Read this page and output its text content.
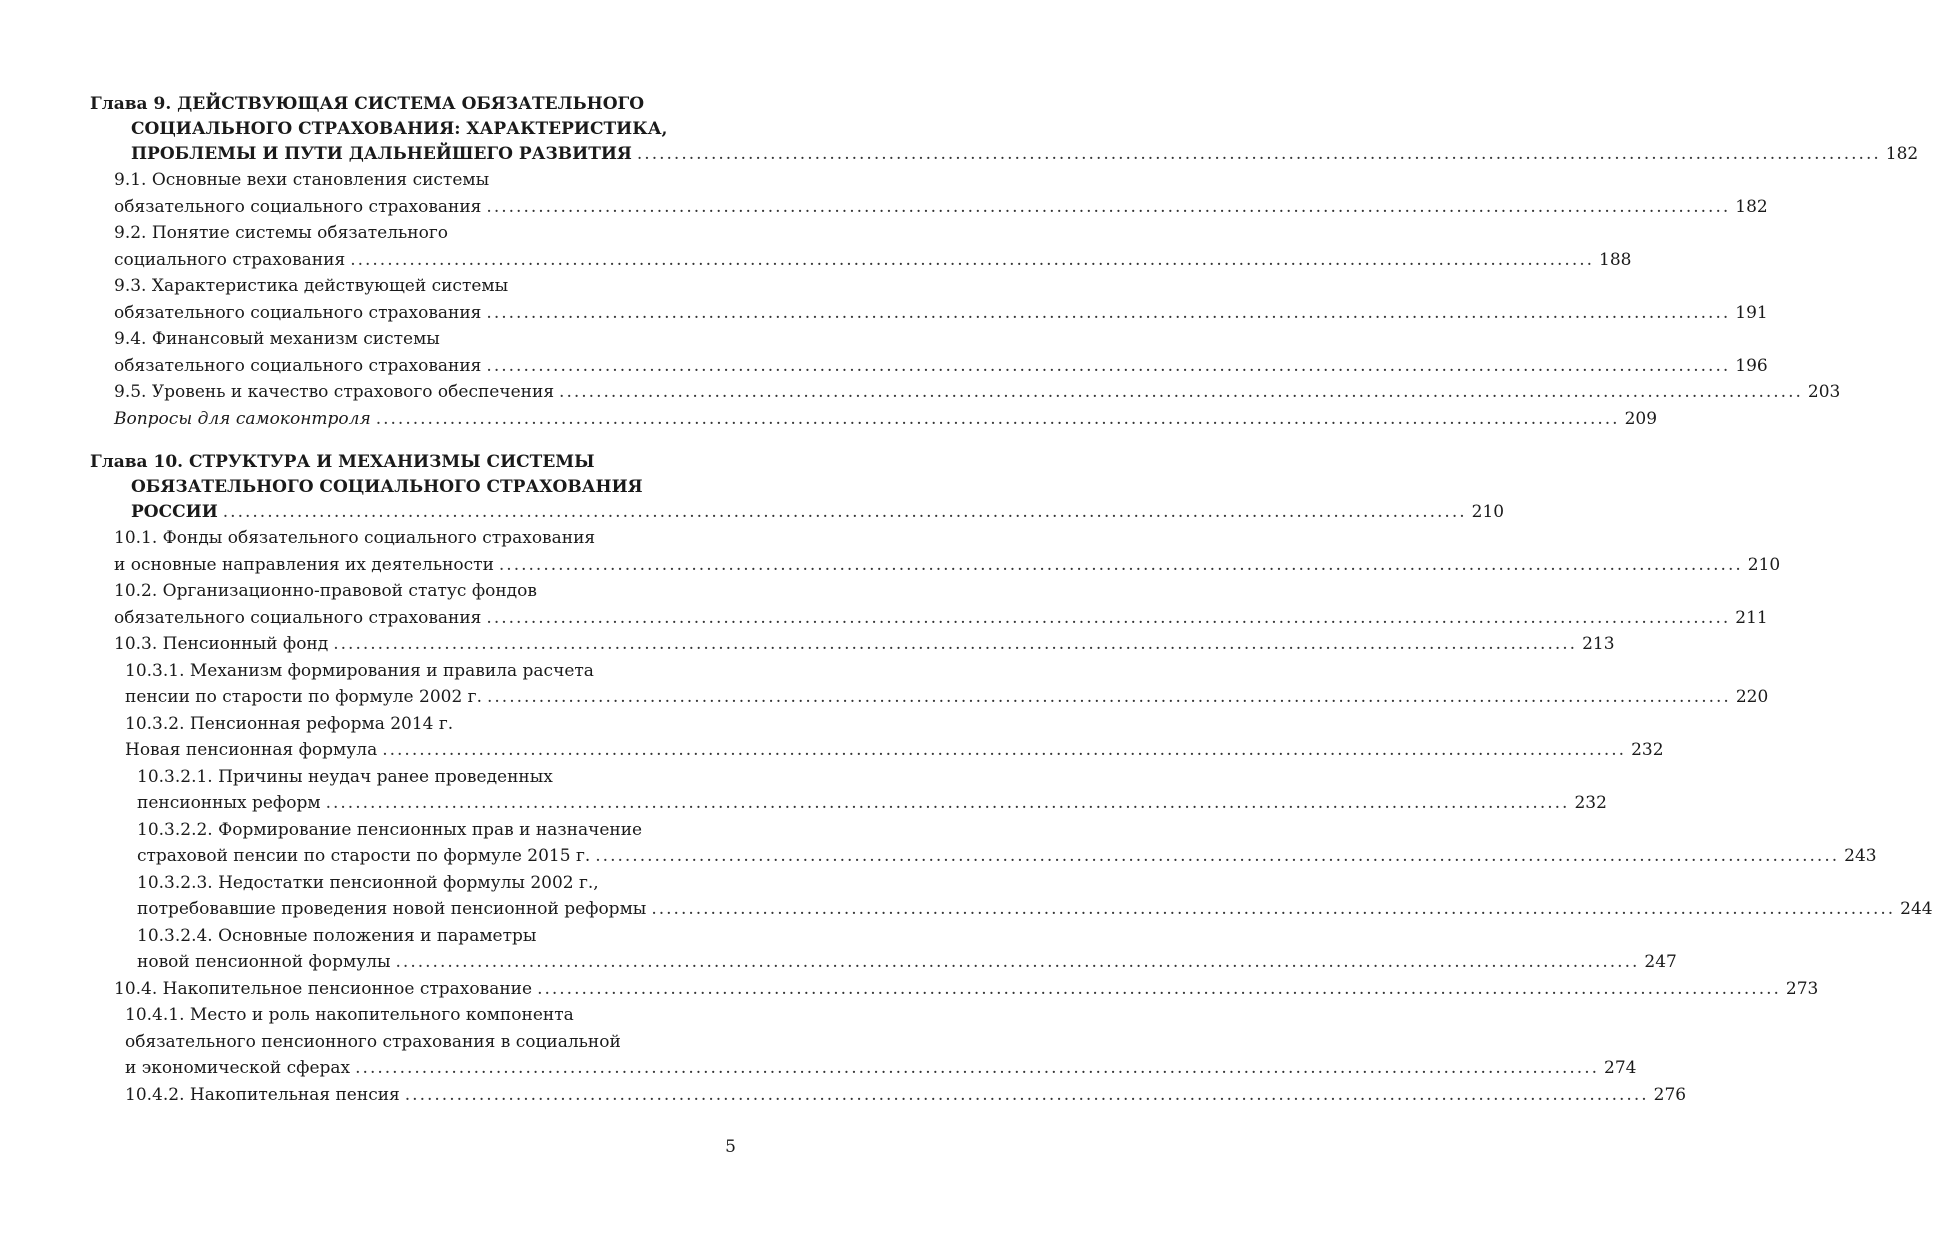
Глава 9. ДЕЙСТВУЮЩАЯ СИСТЕМА ОБЯЗАТЕЛЬНОГО
СОЦИАЛЬНОГО СТРАХОВАНИЯ: ХАРАКТЕРИСТИКА,
ПРОБЛЕМЫ И ПУТИ ДАЛЬНЕЙШЕГО РАЗВИТИЯ .....	182
9.1. Основные вехи становления системы
обязательного социального страхования .....	182
9.2. Понятие системы обязательного
социального страхования .....	188
9.3. Характеристика действующей системы
обязательного социального страхования .....	191
9.4. Финансовый механизм системы
обязательного социального страхования .....	196
9.5. Уровень и качество страхового обеспечения .....	203
Вопросы для самоконтроля .....	209
Глава 10. СТРУКТУРА И МЕХАНИЗМЫ СИСТЕМЫ
ОБЯЗАТЕЛЬНОГО СОЦИАЛЬНОГО СТРАХОВАНИЯ
РОССИИ .....	210
10.1. Фонды обязательного социального страхования
и основные направления их деятельности .....	210
10.2. Организационно-правовой статус фондов
обязательного социального страхования .....	211
10.3. Пенсионный фонд .....	213
10.3.1. Механизм формирования и правила расчета
пенсии по старости по формуле 2002 г. .....	220
10.3.2. Пенсионная реформа 2014 г.
Новая пенсионная формула .....	232
10.3.2.1. Причины неудач ранее проведенных
пенсионных реформ .....	232
10.3.2.2. Формирование пенсионных прав и назначение
страховой пенсии по старости по формуле 2015 г. .....	243
10.3.2.3. Недостатки пенсионной формулы 2002 г.,
потребовавшие проведения новой пенсионной реформы .....	244
10.3.2.4. Основные положения и параметры
новой пенсионной формулы .....	247
10.4. Накопительное пенсионное страхование .....	273
10.4.1. Место и роль накопительного компонента
обязательного пенсионного страхования в социальной
и экономической сферах .....	274
10.4.2. Накопительная пенсия .....	276
5
